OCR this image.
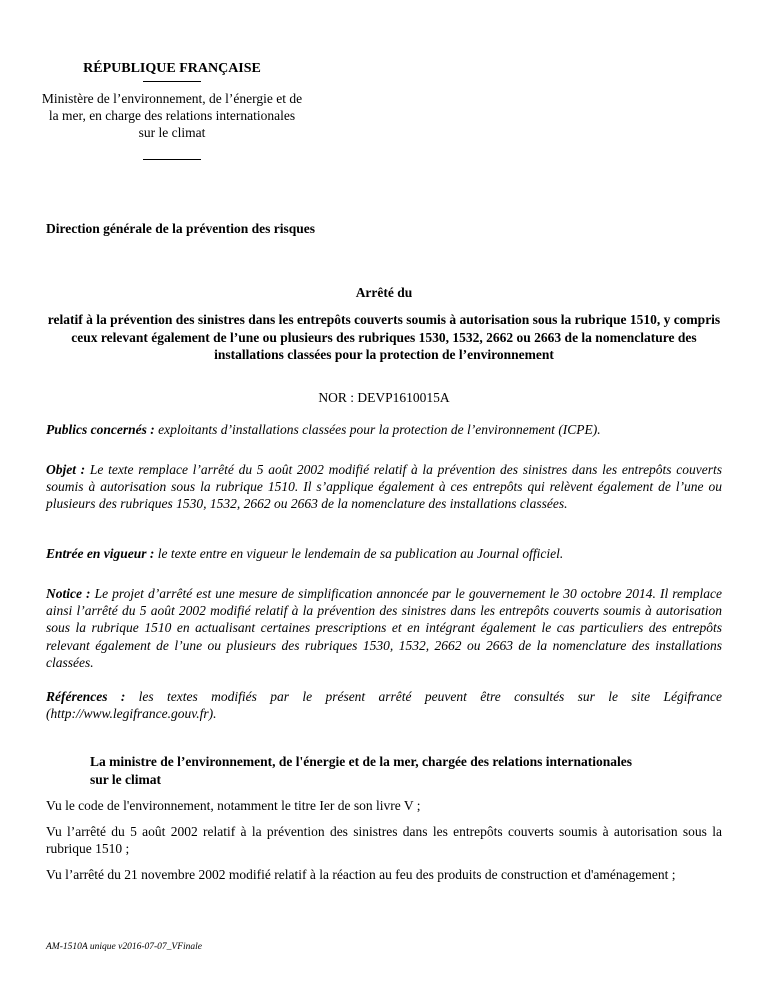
RÉPUBLIQUE FRANÇAISE
Ministère de l’environnement, de l’énergie et de la mer, en charge des relations internationales sur le climat
Direction générale de la prévention des risques
Arrêté du
relatif à la prévention des sinistres dans les entrepôts couverts soumis à autorisation sous la rubrique 1510, y compris ceux relevant également de l’une ou plusieurs des rubriques 1530, 1532, 2662 ou 2663 de la nomenclature des installations classées pour la protection de l’environnement
NOR : DEVP1610015A
Publics concernés : exploitants d’installations classées pour la protection de l’environnement (ICPE).
Objet : Le texte remplace l’arrêté du 5 août 2002 modifié relatif à la prévention des sinistres dans les entrepôts couverts soumis à autorisation sous la rubrique 1510. Il s’applique également à ces entrepôts qui relèvent également de l’une ou plusieurs des rubriques 1530, 1532, 2662 ou 2663 de la nomenclature des installations classées.
Entrée en vigueur : le texte entre en vigueur le lendemain de sa publication au Journal officiel.
Notice : Le projet d’arrêté est une mesure de simplification annoncée par le gouvernement le 30 octobre 2014. Il remplace ainsi l’arrêté du 5 août 2002 modifié relatif à la prévention des sinistres dans les entrepôts couverts soumis à autorisation sous la rubrique 1510 en actualisant certaines prescriptions et en intégrant également le cas particuliers des entrepôts relevant également de l’une ou plusieurs des rubriques 1530, 1532, 2662 ou 2663 de la nomenclature des installations classées.
Références : les textes modifiés par le présent arrêté peuvent être consultés sur le site Légifrance (http://www.legifrance.gouv.fr).
La ministre de l’environnement, de l'énergie et de la mer, chargée des relations internationales sur le climat
Vu le code de l'environnement, notamment le titre Ier de son livre V ;
Vu l’arrêté du 5 août 2002 relatif à la prévention des sinistres dans les entrepôts couverts soumis à autorisation sous la rubrique 1510 ;
Vu l’arrêté du 21 novembre 2002 modifié relatif à la réaction au feu des produits de construction et d'aménagement ;
AM-1510A unique v2016-07-07_VFinale
